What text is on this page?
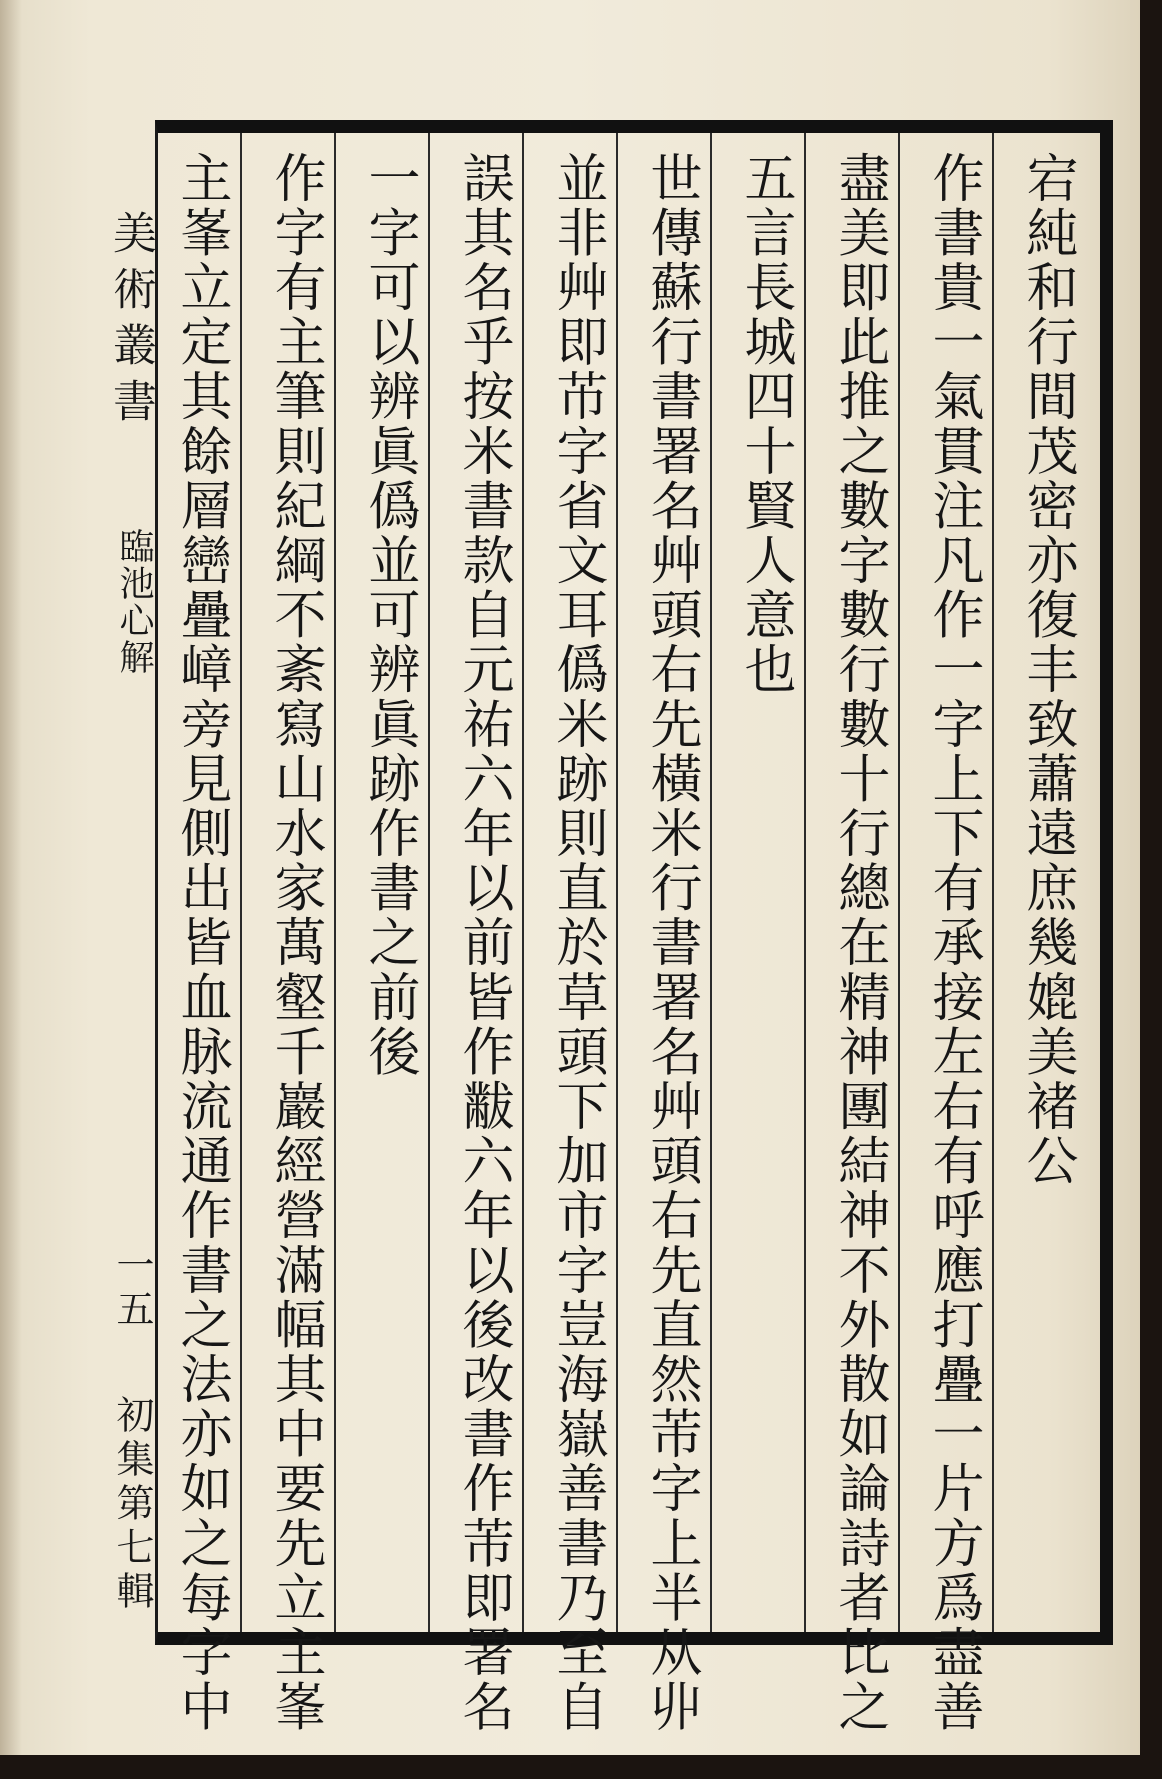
美術叢書
臨池心解
一五
初集第七輯
宕純和行間茂密亦復丰致蕭遠庶幾媲美褚公
作書貴一氣貫注凡作一字上下有承接左右有呼應打疊一片方爲盡善
盡美即此推之數字數行數十行總在精神團結神不外散如論詩者比之
五言長城四十賢人意也
世傳蘇行書署名艸頭右先橫米行書署名艸頭右先直然芾字上半从丱
並非艸即芇字省文耳僞米跡則直於草頭下加市字豈海嶽善書乃至自
誤其名乎按米書款自元祐六年以前皆作黻六年以後改書作芾即署名
一字可以辨眞僞並可辨眞跡作書之前後
作字有主筆則紀綱不紊寫山水家萬壑千巖經營滿幅其中要先立主峯
主峯立定其餘層巒疊嶂旁見側出皆血脉流通作書之法亦如之每字中
